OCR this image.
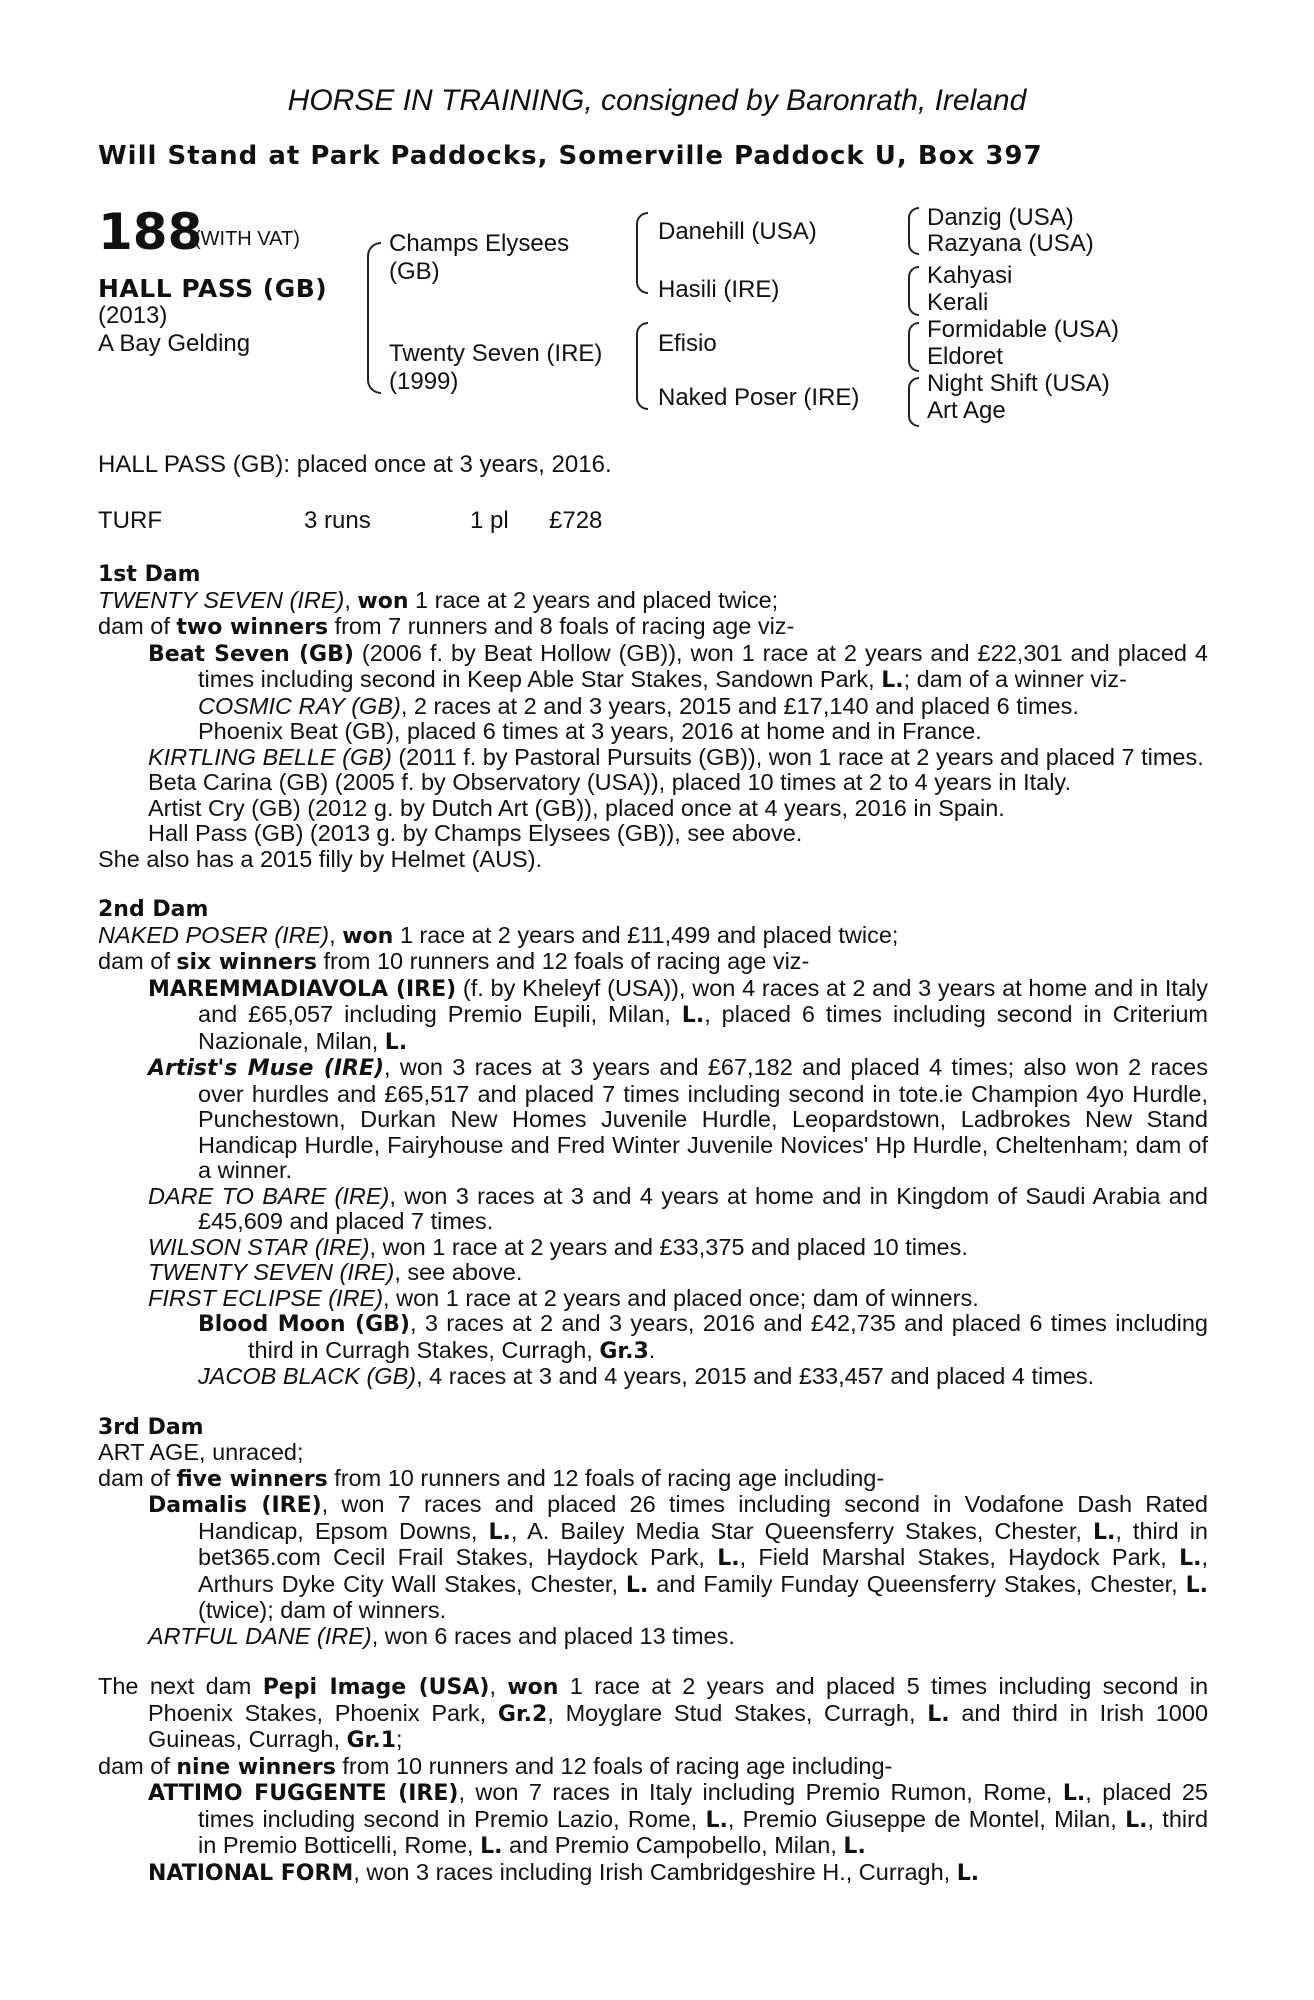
HORSE IN TRAINING, consigned by Baronrath, Ireland
Will Stand at Park Paddocks, Somerville Paddock U, Box 397
188
(WITH VAT)
HALL PASS (GB)
(2013)
A Bay Gelding
Champs Elysees
(GB)
Twenty Seven (IRE)
(1999)
Danehill (USA)
Hasili (IRE)
Efisio
Naked Poser (IRE)
Danzig (USA)
Razyana (USA)
Kahyasi
Kerali
Formidable (USA)
Eldoret
Night Shift (USA)
Art Age
HALL PASS (GB): placed once at 3 years, 2016.
TURF	3 runs	1 pl £728

1st Dam

TWENTY SEVEN (IRE), won 1 race at 2 years and placed twice;

dam of two winners from 7 runners and 8 foals of racing age viz-

Beat Seven (GB) (2006 f. by Beat Hollow (GB)), won 1 race at 2 years and £22,301 and placed 4 times including second in Keep Able Star Stakes, Sandown Park, L.; dam of a winner viz-

COSMIC RAY (GB), 2 races at 2 and 3 years, 2015 and £17,140 and placed 6 times.

Phoenix Beat (GB), placed 6 times at 3 years, 2016 at home and in France.

KIRTLING BELLE (GB) (2011 f. by Pastoral Pursuits (GB)), won 1 race at 2 years and placed 7 times.

Beta Carina (GB) (2005 f. by Observatory (USA)), placed 10 times at 2 to 4 years in Italy.

Artist Cry (GB) (2012 g. by Dutch Art (GB)), placed once at 4 years, 2016 in Spain.

Hall Pass (GB) (2013 g. by Champs Elysees (GB)), see above.

She also has a 2015 filly by Helmet (AUS).

2nd Dam

NAKED POSER (IRE), won 1 race at 2 years and £11,499 and placed twice;

dam of six winners from 10 runners and 12 foals of racing age viz-

MAREMMADIAVOLA (IRE) (f. by Kheleyf (USA)), won 4 races at 2 and 3 years at home and in Italy and £65,057 including Premio Eupili, Milan, L., placed 6 times including second in Criterium Nazionale, Milan, L.

Artist's Muse (IRE), won 3 races at 3 years and £67,182 and placed 4 times; also won 2 races over hurdles and £65,517 and placed 7 times including second in tote.ie Champion 4yo Hurdle, Punchestown, Durkan New Homes Juvenile Hurdle, Leopardstown, Ladbrokes New Stand Handicap Hurdle, Fairyhouse and Fred Winter Juvenile Novices' Hp Hurdle, Cheltenham; dam of a winner.

DARE TO BARE (IRE), won 3 races at 3 and 4 years at home and in Kingdom of Saudi Arabia and £45,609 and placed 7 times.

WILSON STAR (IRE), won 1 race at 2 years and £33,375 and placed 10 times.

TWENTY SEVEN (IRE), see above.

FIRST ECLIPSE (IRE), won 1 race at 2 years and placed once; dam of winners.

Blood Moon (GB), 3 races at 2 and 3 years, 2016 and £42,735 and placed 6 times including third in Curragh Stakes, Curragh, Gr.3.

JACOB BLACK (GB), 4 races at 3 and 4 years, 2015 and £33,457 and placed 4 times.

3rd Dam

ART AGE, unraced;

dam of five winners from 10 runners and 12 foals of racing age including-

Damalis (IRE), won 7 races and placed 26 times including second in Vodafone Dash Rated Handicap, Epsom Downs, L., A. Bailey Media Star Queensferry Stakes, Chester, L., third in bet365.com Cecil Frail Stakes, Haydock Park, L., Field Marshal Stakes, Haydock Park, L., Arthurs Dyke City Wall Stakes, Chester, L. and Family Funday Queensferry Stakes, Chester, L. (twice); dam of winners.

ARTFUL DANE (IRE), won 6 races and placed 13 times.

The next dam Pepi Image (USA), won 1 race at 2 years and placed 5 times including second in Phoenix Stakes, Phoenix Park, Gr.2, Moyglare Stud Stakes, Curragh, L. and third in Irish 1000 Guineas, Curragh, Gr.1;

dam of nine winners from 10 runners and 12 foals of racing age including-

ATTIMO FUGGENTE (IRE), won 7 races in Italy including Premio Rumon, Rome, L., placed 25 times including second in Premio Lazio, Rome, L., Premio Giuseppe de Montel, Milan, L., third in Premio Botticelli, Rome, L. and Premio Campobello, Milan, L.

NATIONAL FORM, won 3 races including Irish Cambridgeshire H., Curragh, L.
